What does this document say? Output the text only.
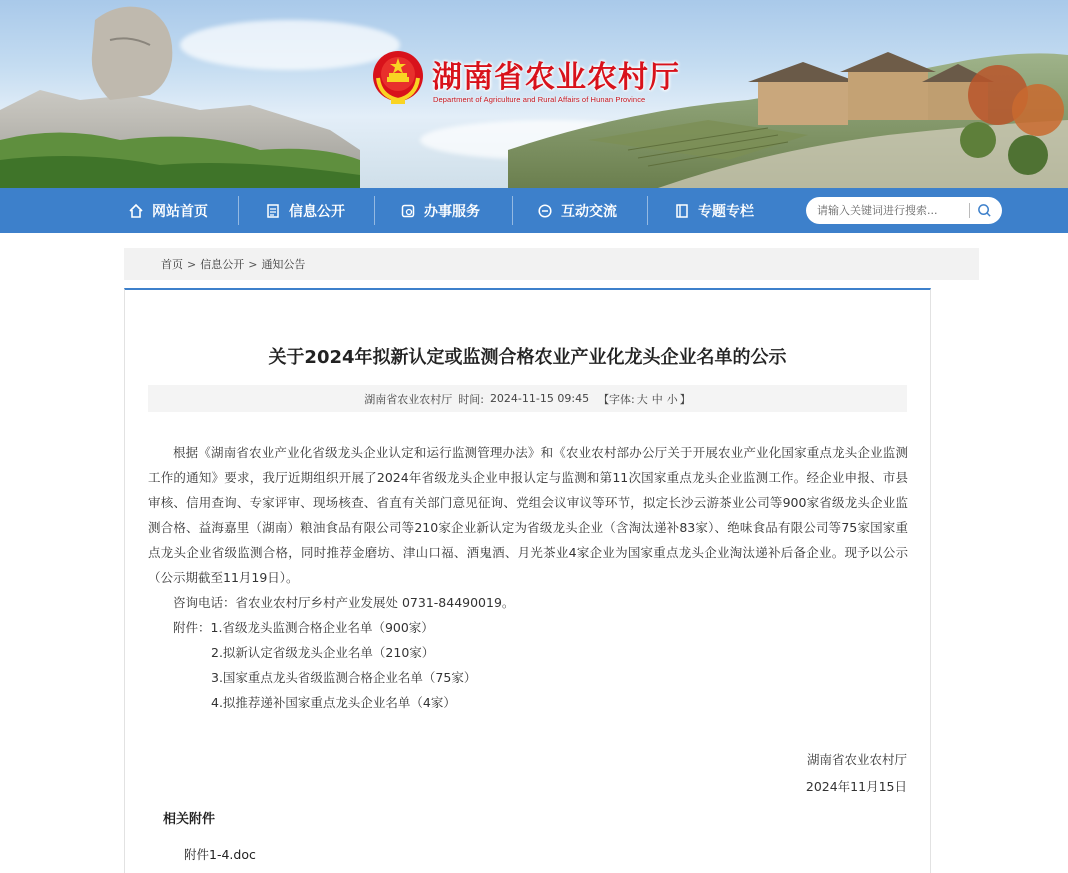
湖南省农业农村厅
Department of Agriculture and Rural Affairs of Hunan Province
网站首页	信息公开	办事服务	互动交流	专题专栏
请输入关键词进行搜索...
首页 > 信息公开 > 通知公告
关于2024年拟新认定或监测合格农业产业化龙头企业名单的公示
湖南省农业农村厅 时间: 2024-11-15 09:45 【字体: 大 中 小 】

根据《湖南省农业产业化省级龙头企业认定和运行监测管理办法》和《农业农村部办公厅关于开展农业产业化国家重点龙头企业监测工作的通知》要求，我厅近期组织开展了2024年省级龙头企业申报认定与监测和第11次国家重点龙头企业监测工作。经企业申报、市县审核、信用查询、专家评审、现场核查、省直有关部门意见征询、党组会议审议等环节，拟定长沙云游茶业公司等900家省级龙头企业监测合格、益海嘉里（湖南）粮油食品有限公司等210家企业新认定为省级龙头企业（含淘汰递补83家）、绝味食品有限公司等75家国家重点龙头企业省级监测合格，同时推荐金磨坊、津山口福、酒鬼酒、月光茶业4家企业为国家重点龙头企业淘汰递补后备企业。现予以公示（公示期截至11月19日）。

咨询电话：省农业农村厅乡村产业发展处 0731-84490019。
附件：1.省级龙头监测合格企业名单（900家）
2.拟新认定省级龙头企业名单（210家）
3.国家重点龙头省级监测合格企业名单（75家）
4.拟推荐递补国家重点龙头企业名单（4家）
湖南省农业农村厅
2024年11月15日
相关附件
附件1-4.doc
